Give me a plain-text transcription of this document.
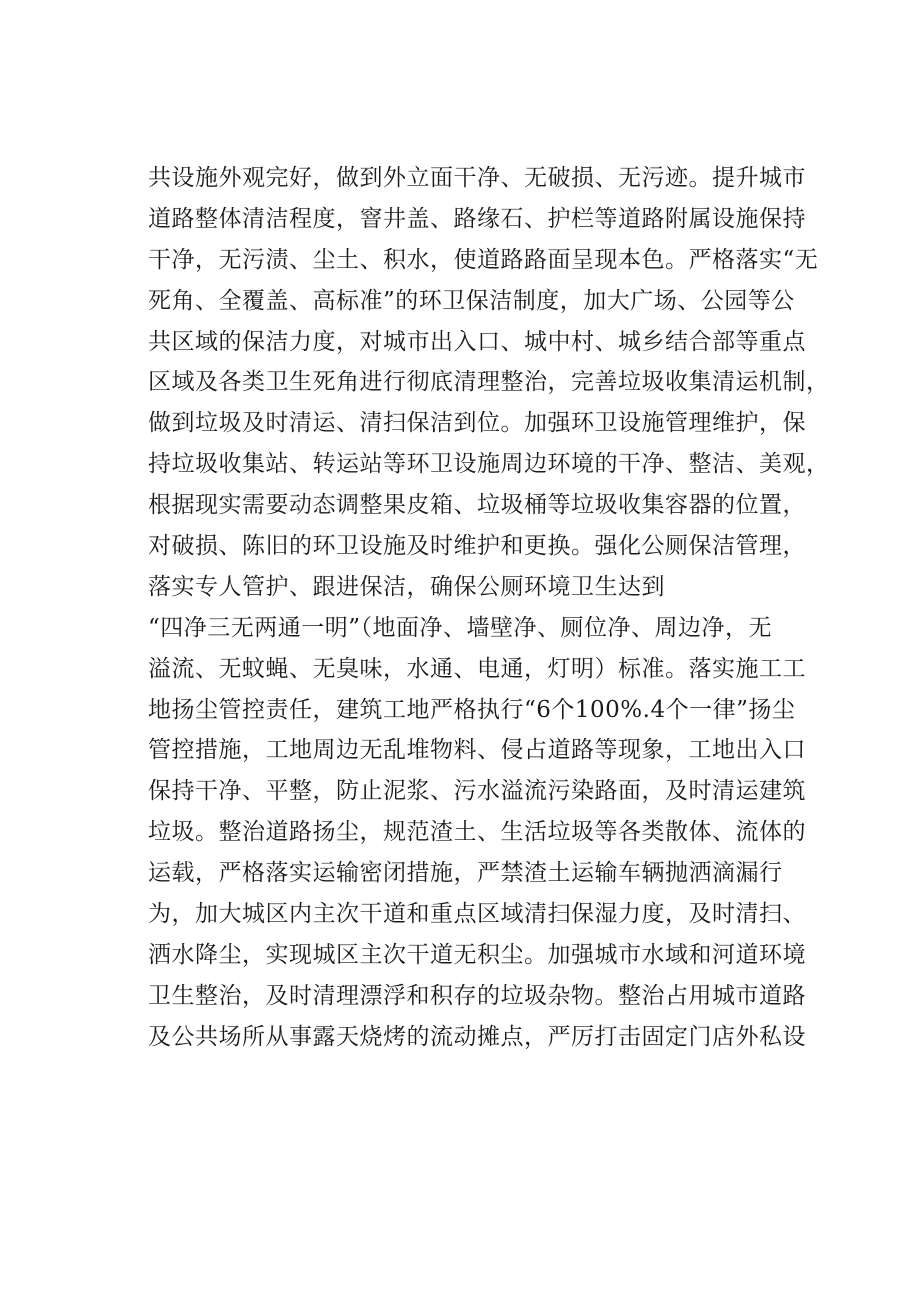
共设施外观完好，做到外立面干净、无破损、无污迹。提升城市
道路整体清洁程度，窨井盖、路缘石、护栏等道路附属设施保持
干净，无污渍、尘土、积水，使道路路面呈现本色。严格落实“无
死角、全覆盖、高标准”的环卫保洁制度，加大广场、公园等公
共区域的保洁力度，对城市出入口、城中村、城乡结合部等重点
区域及各类卫生死角进行彻底清理整治，完善垃圾收集清运机制，
做到垃圾及时清运、清扫保洁到位。加强环卫设施管理维护，保
持垃圾收集站、转运站等环卫设施周边环境的干净、整洁、美观，
根据现实需要动态调整果皮箱、垃圾桶等垃圾收集容器的位置，
对破损、陈旧的环卫设施及时维护和更换。强化公厕保洁管理，
落实专人管护、跟进保洁，确保公厕环境卫生达到
“四净三无两通一明”（地面净、墙壁净、厕位净、周边净，无
溢流、无蚊蝇、无臭味，水通、电通，灯明）标准。落实施工工
地扬尘管控责任，建筑工地严格执行“6个100%.4个一律”扬尘
管控措施，工地周边无乱堆物料、侵占道路等现象，工地出入口
保持干净、平整，防止泥浆、污水溢流污染路面，及时清运建筑
垃圾。整治道路扬尘，规范渣土、生活垃圾等各类散体、流体的
运载，严格落实运输密闭措施，严禁渣土运输车辆抛洒滴漏行
为，加大城区内主次干道和重点区域清扫保湿力度，及时清扫、
洒水降尘，实现城区主次干道无积尘。加强城市水域和河道环境
卫生整治，及时清理漂浮和积存的垃圾杂物。整治占用城市道路
及公共场所从事露天烧烤的流动摊点，严厉打击固定门店外私设
